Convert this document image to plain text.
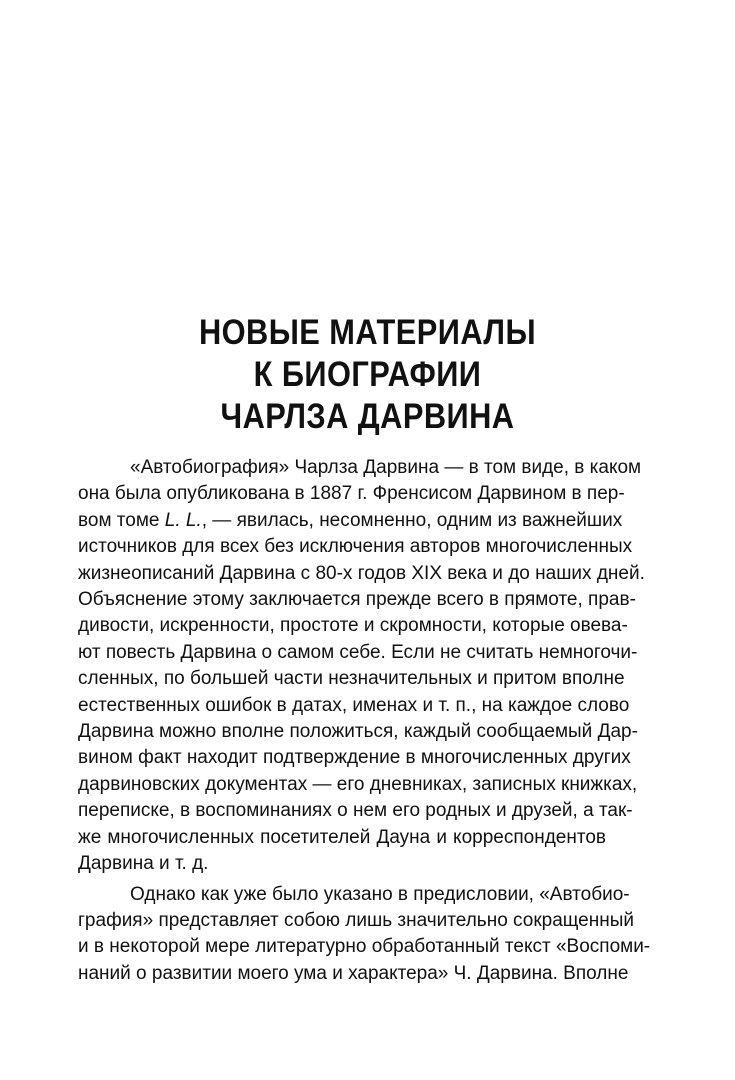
НОВЫЕ МАТЕРИАЛЫ
К БИОГРАФИИ
ЧАРЛЗА ДАРВИНА
«Автобиография» Чарлза Дарвина — в том виде, в каком
она была опубликована в 1887 г. Френсисом Дарвином в пер-
вом томе L. L., — явилась, несомненно, одним из важнейших
источников для всех без исключения авторов многочисленных
жизнеописаний Дарвина с 80-х годов XIX века и до наших дней.
Объяснение этому заключается прежде всего в прямоте, прав-
дивости, искренности, простоте и скромности, которые овева-
ют повесть Дарвина о самом себе. Если не считать немногочи-
сленных, по большей части незначительных и притом вполне
естественных ошибок в датах, именах и т. п., на каждое слово
Дарвина можно вполне положиться, каждый сообщаемый Дар-
вином факт находит подтверждение в многочисленных других
дарвиновских документах — его дневниках, записных книжках,
переписке, в воспоминаниях о нем его родных и друзей, а так-
же многочисленных посетителей Дауна и корреспондентов
Дарвина и т. д.
Однако как уже было указано в предисловии, «Автобио-
графия» представляет собою лишь значительно сокращенный
и в некоторой мере литературно обработанный текст «Воспоми-
наний о развитии моего ума и характера» Ч. Дарвина. Вполне
